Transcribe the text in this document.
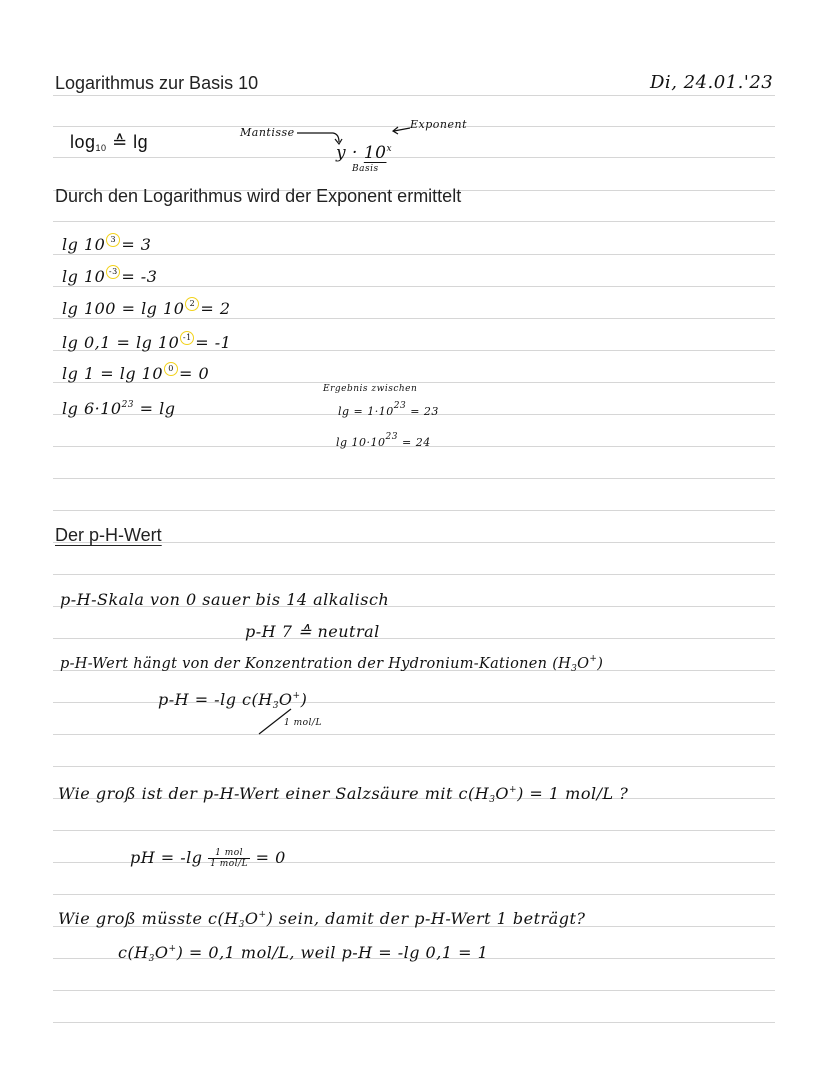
Logarithmus zur Basis 10	Di, 24.01.'23
$\log_{10}$ ≙ lg	Mantisse
$y \cdot 10^x$
Exponent
Basis
Durch den Logarithmus wird der Exponent ermittelt
lg 10 3 = 3
lg 10 -3 = -3
lg 100 = lg 10 2 = 2
lg 0,1 = lg 10 -1 = -1
lg 1 = lg 10 0 = 0
$\lg 6\cdot 10^{23} = \lg$
Ergebnis zwischen
$\lg = 1\cdot 10^{23} = 23$
$\lg 10\cdot 10^{23} = 24$
Der p-H-Wert
p-H-Skala von 0 sauer bis 14 alkalisch
p-H 7 ≙ neutral
p-H-Wert hängt von der Konzentration der Hydronium-Kationen $(H_3O^+)$
p-H = -lg $c(H_3O^+)$
1 mol/L
Wie groß ist der p-H-Wert einer Salzsäure mit $c(H_3O^+) = 1$ mol/L ?
pH = $-\lg \frac{\text{1 mol}}{\text{1 mol/L}} = 0$
Wie groß müsste $c(H_3O^+)$ sein, damit der p-H-Wert 1 beträgt?
$c(H_3O^+) = 0,1$ mol/L, weil p-H = -lg 0,1 = 1
